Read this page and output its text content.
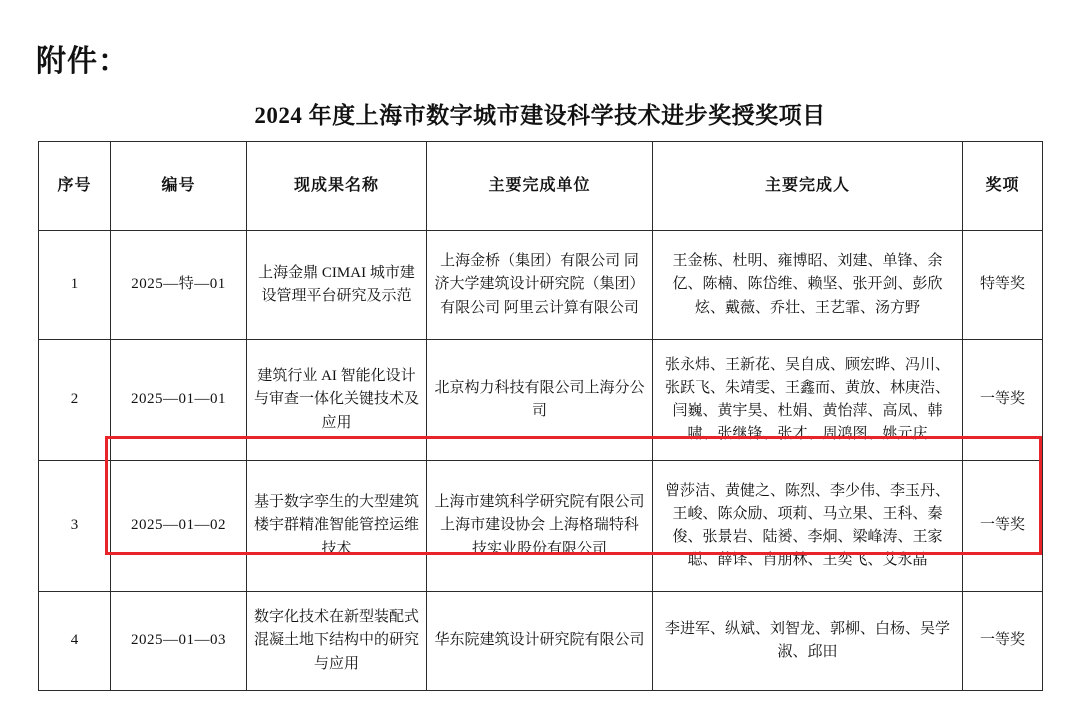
附件：
2024 年度上海市数字城市建设科学技术进步奖授奖项目
序号	编号	现成果名称	主要完成单位	主要完成人	奖项
1	2025—特—01	上海金鼎 CIMAI 城市建设管理平台研究及示范	上海金桥（集团）有限公司 同济大学建筑设计研究院（集团）有限公司 阿里云计算有限公司	王金栋、杜明、雍博昭、刘建、单锋、余亿、陈楠、陈岱维、赖坚、张开剑、彭欣炫、戴薇、乔壮、王艺霏、汤方野	特等奖
2	2025—01—01	建筑行业 AI 智能化设计与审查一体化关键技术及应用	北京构力科技有限公司上海分公司	张永炜、王新花、吴自成、顾宏晔、冯川、张跃飞、朱靖雯、王鑫而、黄放、林庚浩、闫巍、黄宇昊、杜娟、黄怡萍、高凤、韩啸、张继锋、张才、周鸿图、姚元庆	一等奖
3	2025—01—02	基于数字孪生的大型建筑楼宇群精准智能管控运维技术	上海市建筑科学研究院有限公司 上海市建设协会 上海格瑞特科技实业股份有限公司	曾莎洁、黄健之、陈烈、李少伟、李玉丹、王峻、陈众励、项莉、马立果、王科、秦俊、张景岩、陆赟、李烔、梁峰涛、王家聪、薛译、肖朋林、王奕飞、艾永晶	一等奖
4	2025—01—03	数字化技术在新型装配式混凝土地下结构中的研究与应用	华东院建筑设计研究院有限公司	李进军、纵斌、刘智龙、郭柳、白杨、吴学淑、邱田	一等奖
